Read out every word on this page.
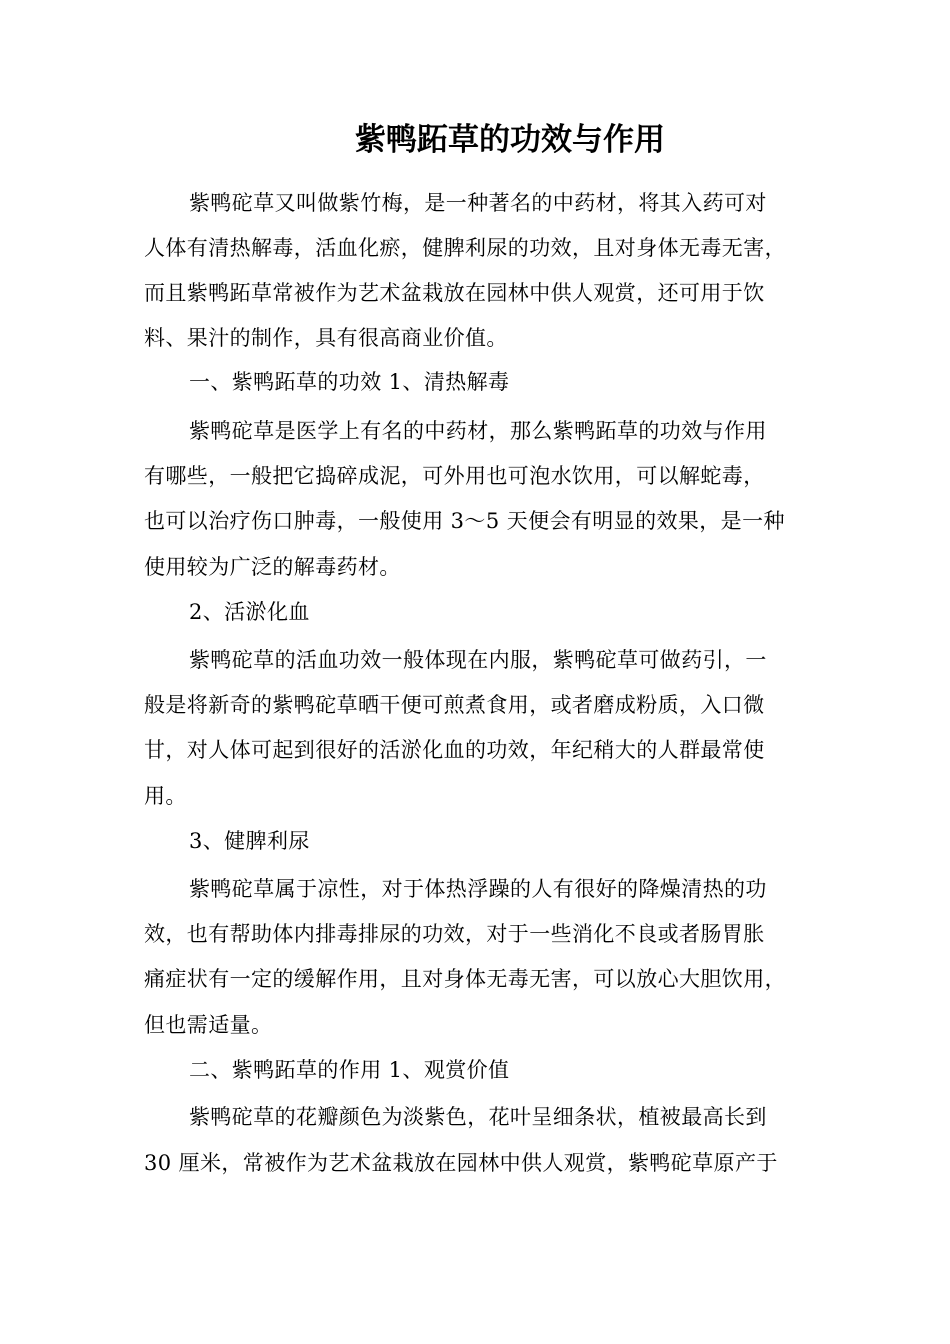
紫鸭跖草的功效与作用
紫鸭砣草又叫做紫竹梅，是一种著名的中药材，将其入药可对
人体有清热解毒，活血化瘀，健脾利尿的功效，且对身体无毒无害，
而且紫鸭跖草常被作为艺术盆栽放在园林中供人观赏，还可用于饮
料、果汁的制作，具有很高商业价值。
一、紫鸭跖草的功效 1、清热解毒
紫鸭砣草是医学上有名的中药材，那么紫鸭跖草的功效与作用
有哪些，一般把它捣碎成泥，可外用也可泡水饮用，可以解蛇毒，
也可以治疗伤口肿毒，一般使用 3～5 天便会有明显的效果，是一种
使用较为广泛的解毒药材。
2、活淤化血
紫鸭砣草的活血功效一般体现在内服，紫鸭砣草可做药引，一
般是将新奇的紫鸭砣草晒干便可煎煮食用，或者磨成粉质，入口微
甘，对人体可起到很好的活淤化血的功效，年纪稍大的人群最常使
用。
3、健脾利尿
紫鸭砣草属于凉性，对于体热浮躁的人有很好的降燥清热的功
效，也有帮助体内排毒排尿的功效，对于一些消化不良或者肠胃胀
痛症状有一定的缓解作用，且对身体无毒无害，可以放心大胆饮用，
但也需适量。
二、紫鸭跖草的作用 1、观赏价值
紫鸭砣草的花瓣颜色为淡紫色，花叶呈细条状，植被最高长到
30 厘米，常被作为艺术盆栽放在园林中供人观赏，紫鸭砣草原产于
